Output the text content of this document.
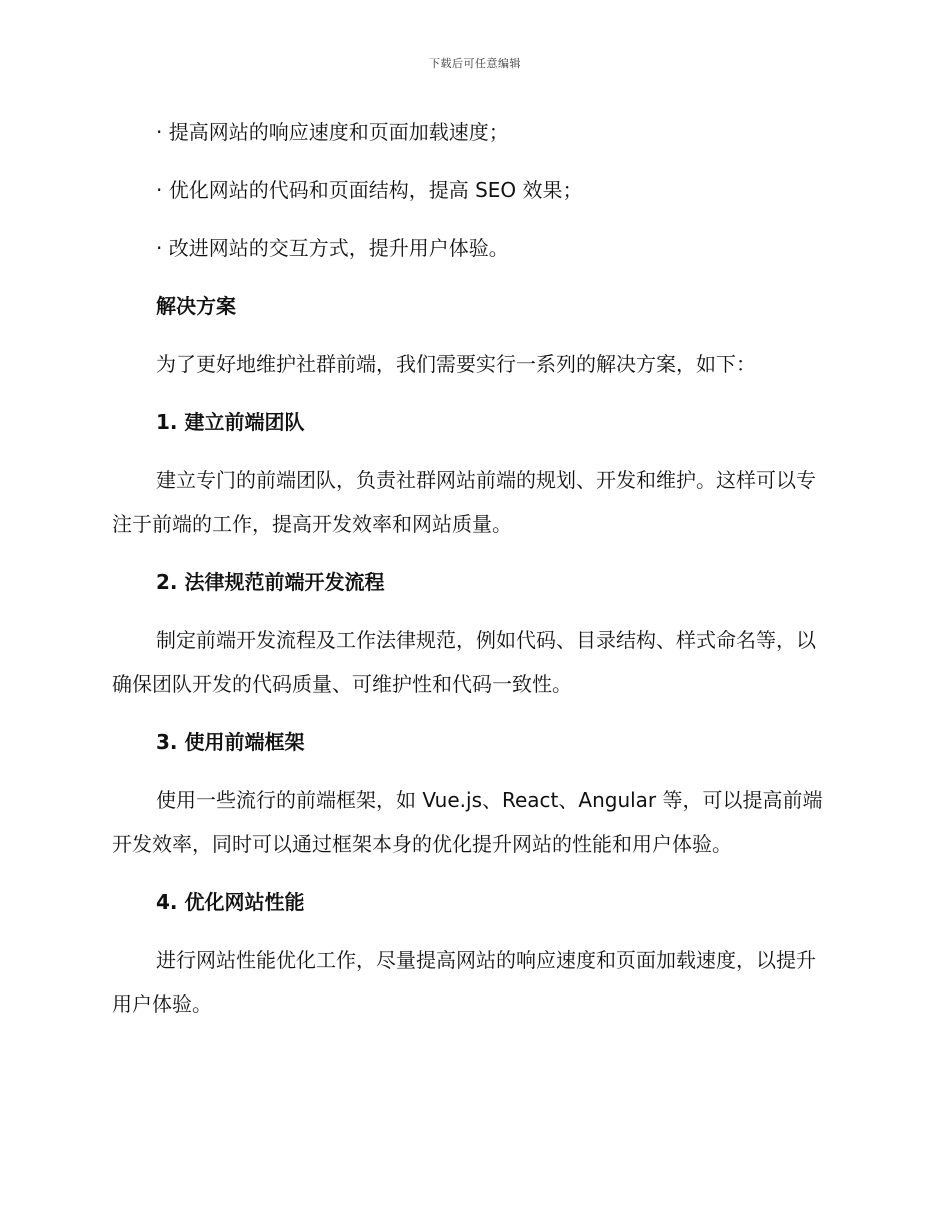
下载后可任意编辑

· 提高网站的响应速度和页面加载速度；

· 优化网站的代码和页面结构，提高 SEO 效果；

· 改进网站的交互方式，提升用户体验。

解决方案

为了更好地维护社群前端，我们需要实行一系列的解决方案，如下：

1. 建立前端团队

建立专门的前端团队，负责社群网站前端的规划、开发和维护。这样可以专注于前端的工作，提高开发效率和网站质量。

2. 法律规范前端开发流程

制定前端开发流程及工作法律规范，例如代码、目录结构、样式命名等，以确保团队开发的代码质量、可维护性和代码一致性。

3. 使用前端框架

使用一些流行的前端框架，如 Vue.js、React、Angular 等，可以提高前端开发效率，同时可以通过框架本身的优化提升网站的性能和用户体验。

4. 优化网站性能

进行网站性能优化工作，尽量提高网站的响应速度和页面加载速度，以提升用户体验。
